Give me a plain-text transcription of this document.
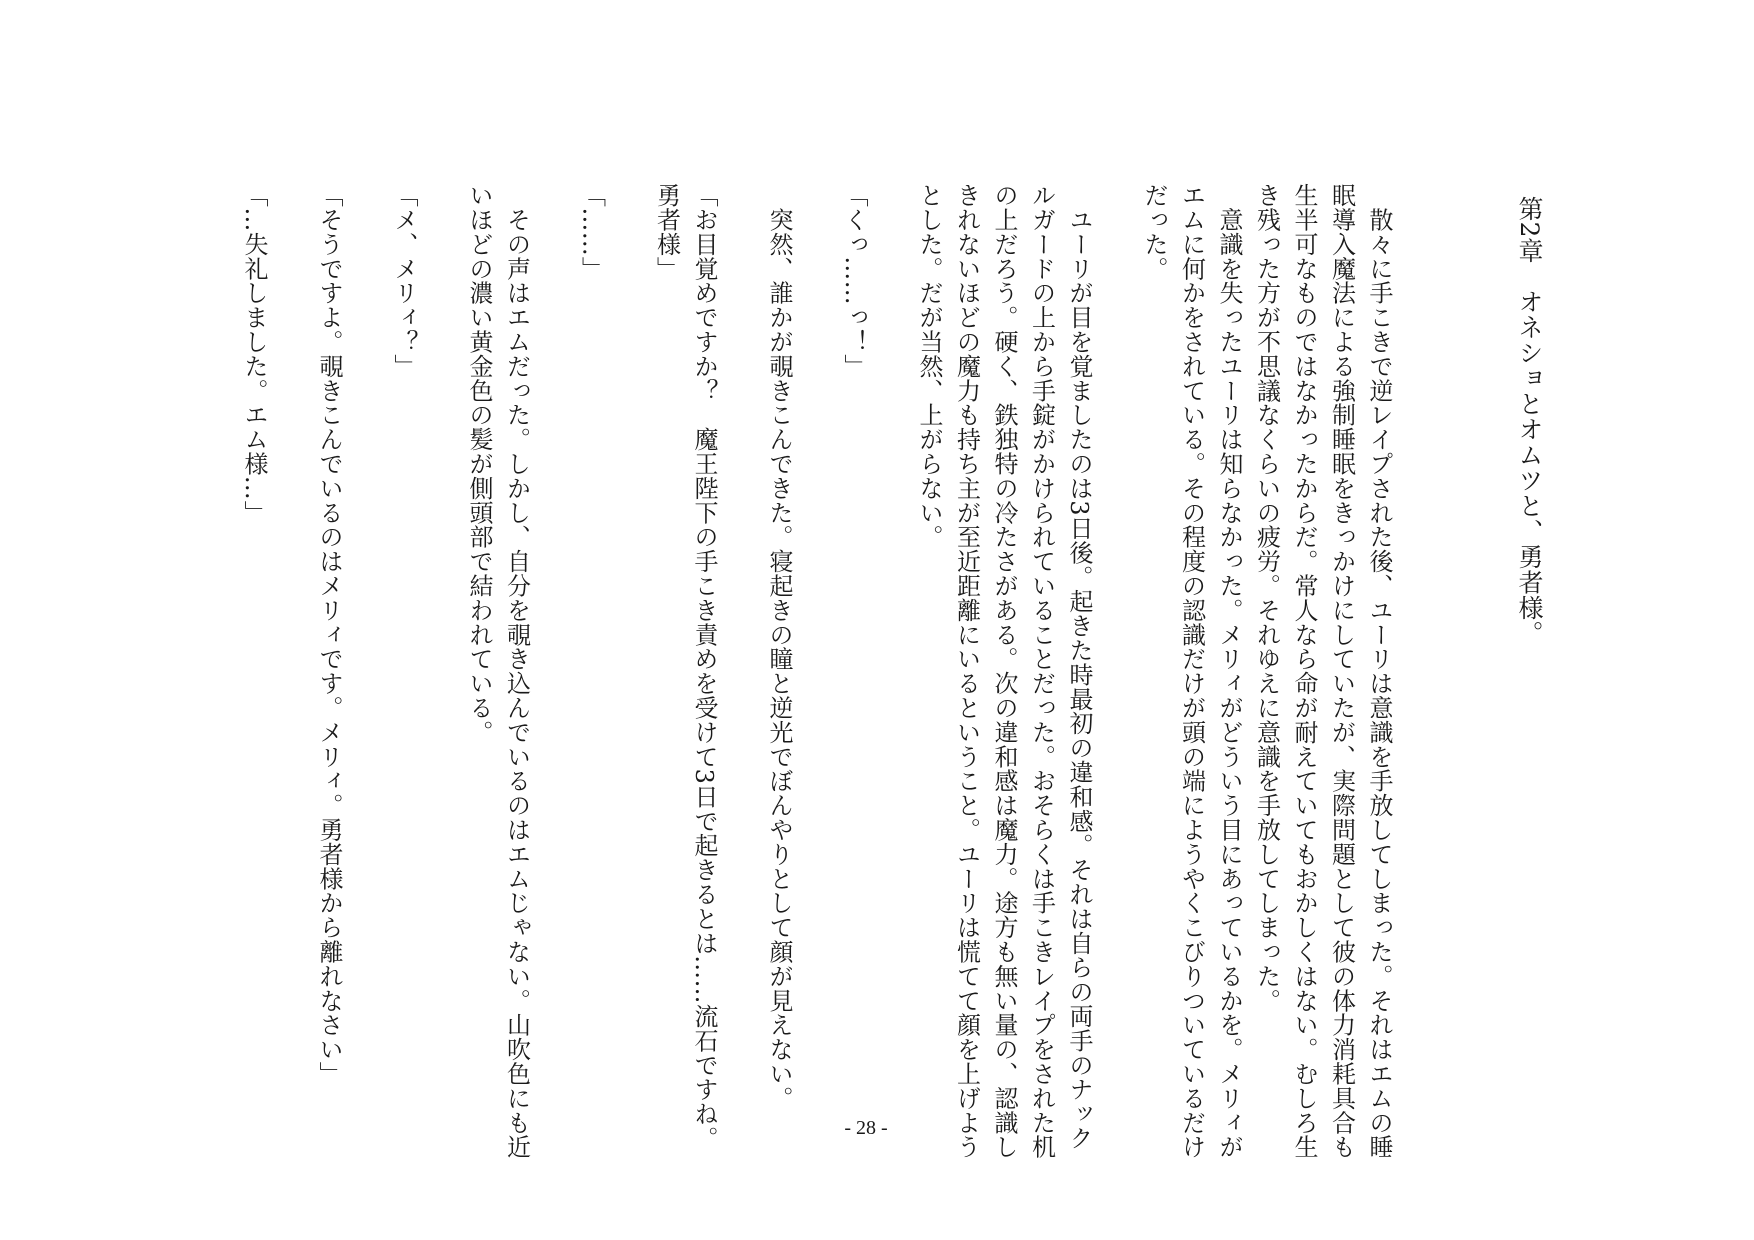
第2章　オネショとオムツと、勇者様。
　散々に手こきで逆レイプされた後、ユーリは意識を手放してしまった。それはエムの睡
眠導入魔法による強制睡眠をきっかけにしていたが、実際問題として彼の体力消耗具合も
生半可なものではなかったからだ。常人なら命が耐えていてもおかしくはない。むしろ生
き残った方が不思議なくらいの疲労。それゆえに意識を手放してしまった。
　意識を失ったユーリは知らなかった。メリィがどういう目にあっているかを。メリィが
エムに何かをされている。その程度の認識だけが頭の端にようやくこびりついているだけ
だった。
　ユーリが目を覚ましたのは3日後。起きた時最初の違和感。それは自らの両手のナック
ルガードの上から手錠がかけられていることだった。おそらくは手こきレイプをされた机
の上だろう。硬く、鉄独特の冷たさがある。次の違和感は魔力。途方も無い量の、認識し
きれないほどの魔力も持ち主が至近距離にいるということ。ユーリは慌てて顔を上げよう
とした。だが当然、上がらない。
「くっ……っ！」
　突然、誰かが覗きこんできた。寝起きの瞳と逆光でぼんやりとして顔が見えない。
「お目覚めですか？　魔王陛下の手こき責めを受けて3日で起きるとは……流石ですね。
勇者様」
「……」
　その声はエムだった。しかし、自分を覗き込んでいるのはエムじゃない。山吹色にも近
いほどの濃い黄金色の髪が側頭部で結われている。
「メ、メリィ？」
「そうですよ。覗きこんでいるのはメリィです。メリィ。勇者様から離れなさい」
「…失礼しました。エム様…」
- 28 -
